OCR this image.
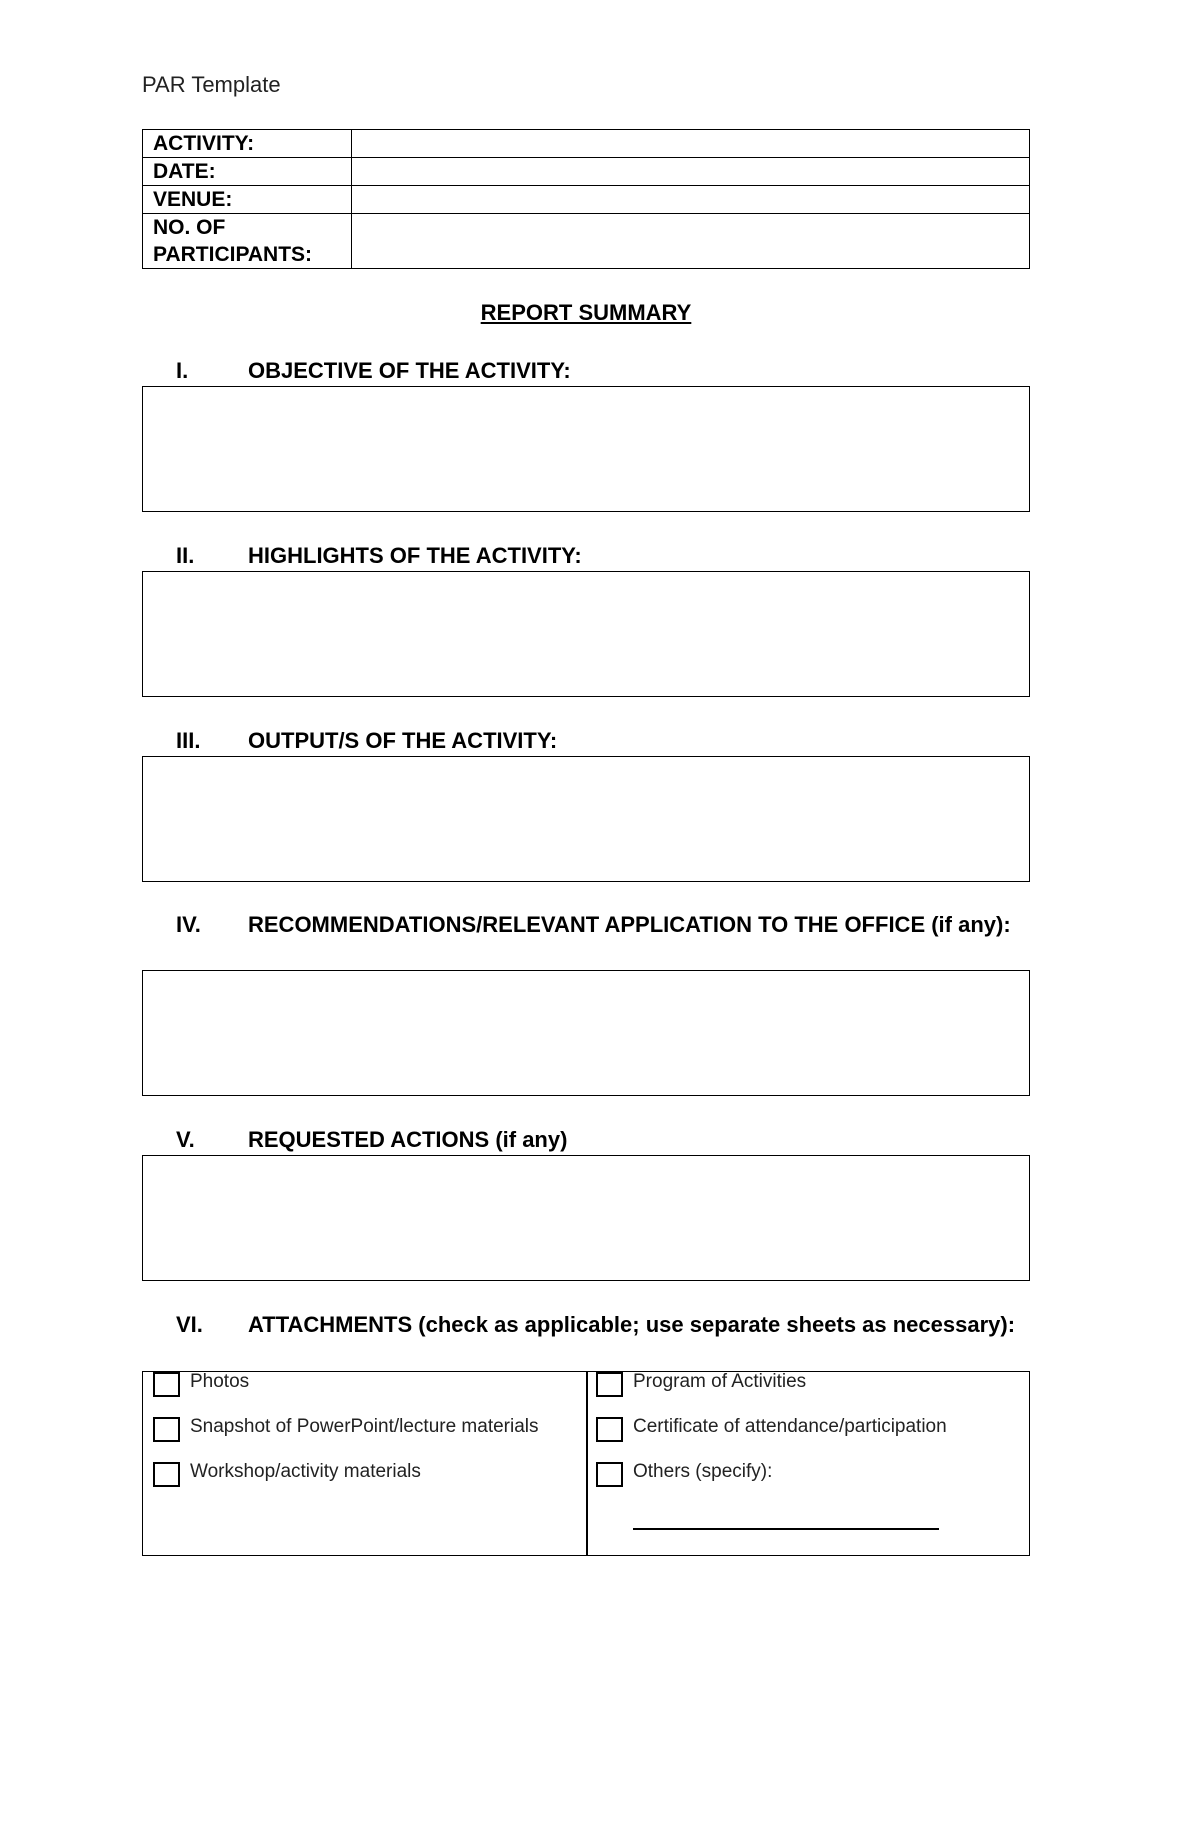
PAR Template
ACTIVITY:	
DATE:	
VENUE:	
NO. OF
PARTICIPANTS:	
REPORT SUMMARY
I.	OBJECTIVE OF THE ACTIVITY:
II. HIGHLIGHTS OF THE ACTIVITY:
III. OUTPUT/S OF THE ACTIVITY:
IV. RECOMMENDATIONS/RELEVANT APPLICATION TO THE OFFICE (if any):
V. REQUESTED ACTIONS (if any)
VI. ATTACHMENTS (check as applicable; use separate sheets as necessary):
Photos
Snapshot of PowerPoint/lecture materials
Workshop/activity materials
Program of Activities
Certificate of attendance/participation
Others (specify):
